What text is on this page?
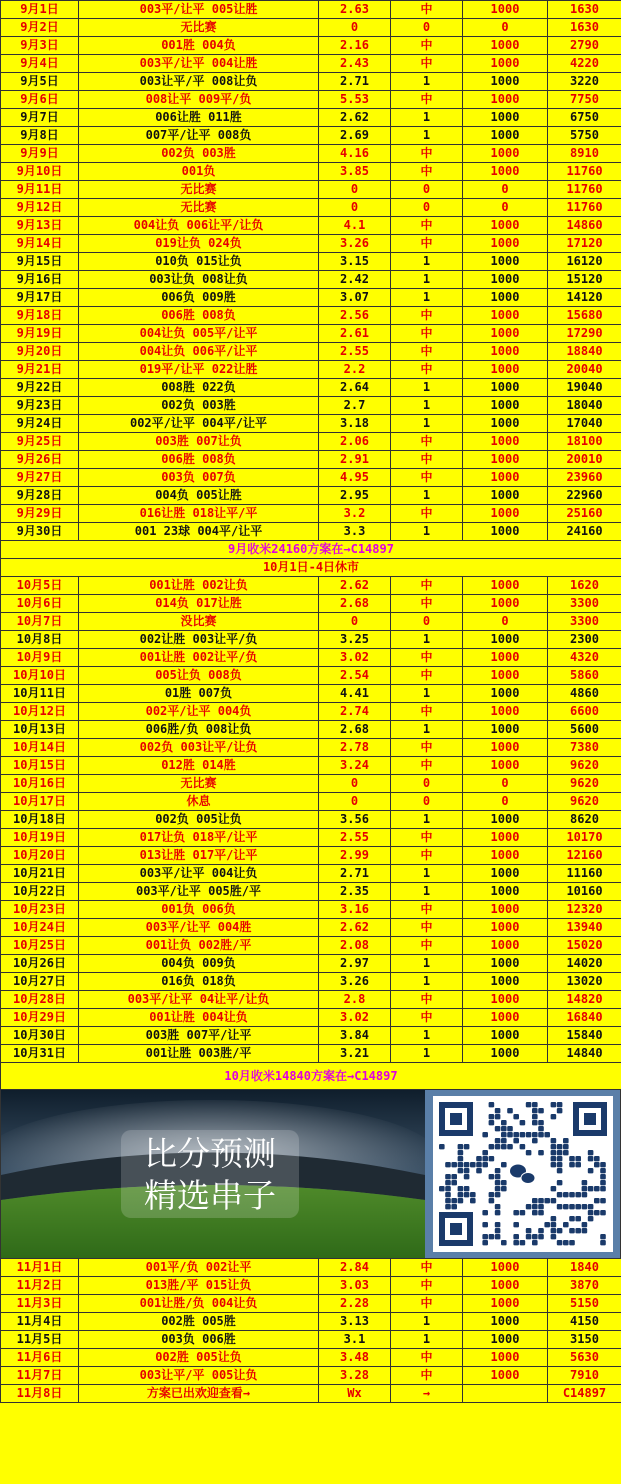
9月1日	003平/让平 005让胜	2.63	中	1000	1630
9月2日	无比赛	0	0	0	1630
9月3日	001胜 004负	2.16	中	1000	2790
9月4日	003平/让平 004让胜	2.43	中	1000	4220
9月5日	003让平/平 008让负	2.71	1	1000	3220
9月6日	008让平 009平/负	5.53	中	1000	7750
9月7日	006让胜 011胜	2.62	1	1000	6750
9月8日	007平/让平 008负	2.69	1	1000	5750
9月9日	002负 003胜	4.16	中	1000	8910
9月10日	001负	3.85	中	1000	11760
9月11日	无比赛	0	0	0	11760
9月12日	无比赛	0	0	0	11760
9月13日	004让负 006让平/让负	4.1	中	1000	14860
9月14日	019让负 024负	3.26	中	1000	17120
9月15日	010负 015让负	3.15	1	1000	16120
9月16日	003让负 008让负	2.42	1	1000	15120
9月17日	006负 009胜	3.07	1	1000	14120
9月18日	006胜 008负	2.56	中	1000	15680
9月19日	004让负 005平/让平	2.61	中	1000	17290
9月20日	004让负 006平/让平	2.55	中	1000	18840
9月21日	019平/让平 022让胜	2.2	中	1000	20040
9月22日	008胜 022负	2.64	1	1000	19040
9月23日	002负 003胜	2.7	1	1000	18040
9月24日	002平/让平 004平/让平	3.18	1	1000	17040
9月25日	003胜 007让负	2.06	中	1000	18100
9月26日	006胜 008负	2.91	中	1000	20010
9月27日	003负 007负	4.95	中	1000	23960
9月28日	004负 005让胜	2.95	1	1000	22960
9月29日	016让胜 018让平/平	3.2	中	1000	25160
9月30日	001 23球 004平/让平	3.3	1	1000	24160
9月收米24160方案在→C14897					
10月1日-4日休市					
10月5日	001让胜 002让负	2.62	中	1000	1620
10月6日	014负 017让胜	2.68	中	1000	3300
10月7日	没比赛	0	0	0	3300
10月8日	002让胜 003让平/负	3.25	1	1000	2300
10月9日	001让胜 002让平/负	3.02	中	1000	4320
10月10日	005让负 008负	2.54	中	1000	5860
10月11日	01胜 007负	4.41	1	1000	4860
10月12日	002平/让平 004负	2.74	中	1000	6600
10月13日	006胜/负 008让负	2.68	1	1000	5600
10月14日	002负 003让平/让负	2.78	中	1000	7380
10月15日	012胜 014胜	3.24	中	1000	9620
10月16日	无比赛	0	0	0	9620
10月17日	休息	0	0	0	9620
10月18日	002负 005让负	3.56	1	1000	8620
10月19日	017让负 018平/让平	2.55	中	1000	10170
10月20日	013让胜 017平/让平	2.99	中	1000	12160
10月21日	003平/让平 004让负	2.71	1	1000	11160
10月22日	003平/让平 005胜/平	2.35	1	1000	10160
10月23日	001负 006负	3.16	中	1000	12320
10月24日	003平/让平 004胜	2.62	中	1000	13940
10月25日	001让负 002胜/平	2.08	中	1000	15020
10月26日	004负 009负	2.97	1	1000	14020
10月27日	016负 018负	3.26	1	1000	13020
10月28日	003平/让平 04让平/让负	2.8	中	1000	14820
10月29日	001让胜 004让负	3.02	中	1000	16840
10月30日	003胜 007平/让平	3.84	1	1000	15840
10月31日	001让胜 003胜/平	3.21	1	1000	14840
10月收米14840方案在→C14897					
比分预测
精选串子
11月1日	001平/负 002让平	2.84	中	1000	1840
11月2日	013胜/平 015让负	3.03	中	1000	3870
11月3日	001让胜/负 004让负	2.28	中	1000	5150
11月4日	002胜 005胜	3.13	1	1000	4150
11月5日	003负 006胜	3.1	1	1000	3150
11月6日	002胜 005让负	3.48	中	1000	5630
11月7日	003让平/平 005让负	3.28	中	1000	7910
11月8日	方案已出欢迎查看→	Wx	→		C14897
